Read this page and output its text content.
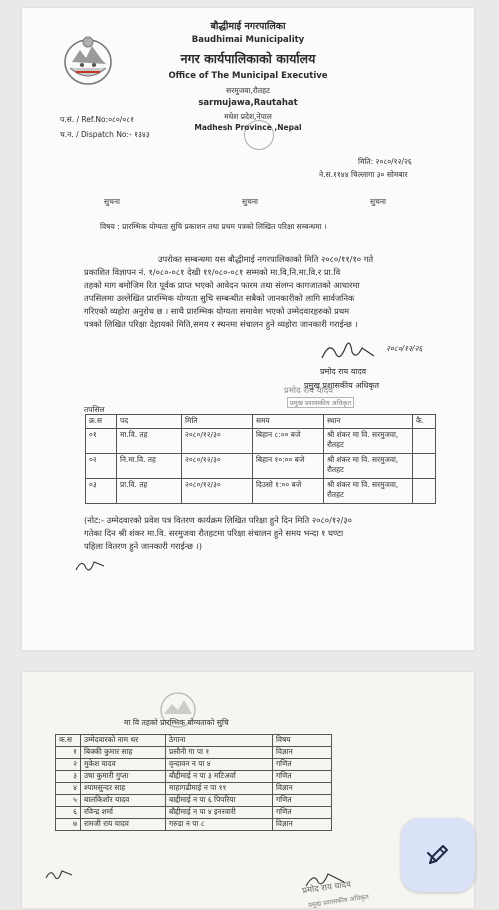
बौद्धीमाई नगरपालिका
Baudhimai Municipality
नगर कार्यपालिकाको कार्यालय
Office of The Municipal Executive
सरमुजवा,रौतहट
sarmujawa,Rautahat
मधेश प्रदेश,नेपाल
Madhesh Province ,Nepal
प.सं. / Ref.No:०८०/०८१
च.न. / Dispatch No:- १३४३
मिति: २०८०/१२/२६
ने.स.११४४ चिल्लागा ३० सोमबार
सुचना	सुचना	सुचना
विषय : प्रारम्भिक योग्यता सुचि प्रकाशन तथा प्रथम पत्रको लिखित परिक्षा सम्बन्धमा ।
उपरोक्त सम्बन्धमा यस बौद्धीमाई नगरपालिकाको मिति २०८०/११/१० गते
प्रकाशित विज्ञापन नं. १/०८०-०८१ देखी ११/०८०-०८१ सम्मको मा.वि,नि.मा.वि.र प्रा.वि
तहको माग बमोजिम रित पूर्वक प्राप्त भएको आवेदन फारम तथा संलग्न कागजातको आधारमा
तपसिलमा उल्लेखित प्रारम्भिक योग्यता सुचि सम्बन्धीत सबैको जानकारीको लागि सार्वजनिक
गरिएको व्यहोरा अनुरोध छ । साथै प्रारम्भिक योग्यता समावेश भएको उम्मेदवारहरुको प्रथम
पत्रको लिखित परिक्षा देहायको मिति,समय र स्थनमा संचालन हुने व्यहोरा जानकारी गराईन्छ ।
२०८०/१२/२६
प्रमोद राय यादव
प्रमुख प्रशासकीय अधिकृत
प्रमोद राय यादव
प्रमुख प्रशासकीय अधिकृत
तपसिल
क्र.स	पद	मिति	समय	स्थान	कै.
०१	मा.वि. तह	२०८०/१२/३०	बिहान ८:०० बजे	श्री शंकर मा वि. सरमुजवा, रौतहट	
०२	नि.मा.वि. तह	२०८०/१२/३०	बिहान १०:०० बजे	श्री शंकर मा वि. सरमुजवा, रौतहट	
०३	प्रा.वि. तह	२०८०/१२/३०	दिउसो १:०० बजे	श्री शंकर मा वि. सरमुजवा, रौतहट	
(नोट:- उम्मेदवारको प्रवेश पत्र वितरण कार्यक्रम लिखित परिक्षा हुने दिन मिति २०८०/१२/३०
गतेका दिन श्री शंकर मा.वि. सरमुजवा रौतहटमा परिक्षा संचालन हुने समय भन्दा १ घण्टा
पहिला वितरण हुने जानकारी गराईन्छ ।)
मा वि तहको प्रारम्भिक योग्यताको सुचि
क.स	उम्मेदवारको नाम थर	ठेगाना	विषय
१	बिक्की कुमार साह	प्रसौनी गा पा १	विज्ञान
२	मुकेश यादव	वृन्दावन न पा ४	गणित
३	उषा कुमारी गुप्ता	बौद्दीमाई न पा ३ मटिअर्वा	गणित
४	श्यामसुन्दर साह	माहागढीमाई न पा ११	विज्ञान
५	बालकिशोर यादव	बाद्दीमाई न पा ६ पिपरिया	गणित
६	रविन्द्र शर्मा	बौद्दीमाई न पा ४ इनरवारी	गणित
७	रामजी राय यादव	गरुडा न पा ८	विज्ञान
प्रमोद राय यादव
प्रमुख प्रशासकीय अधिकृत
